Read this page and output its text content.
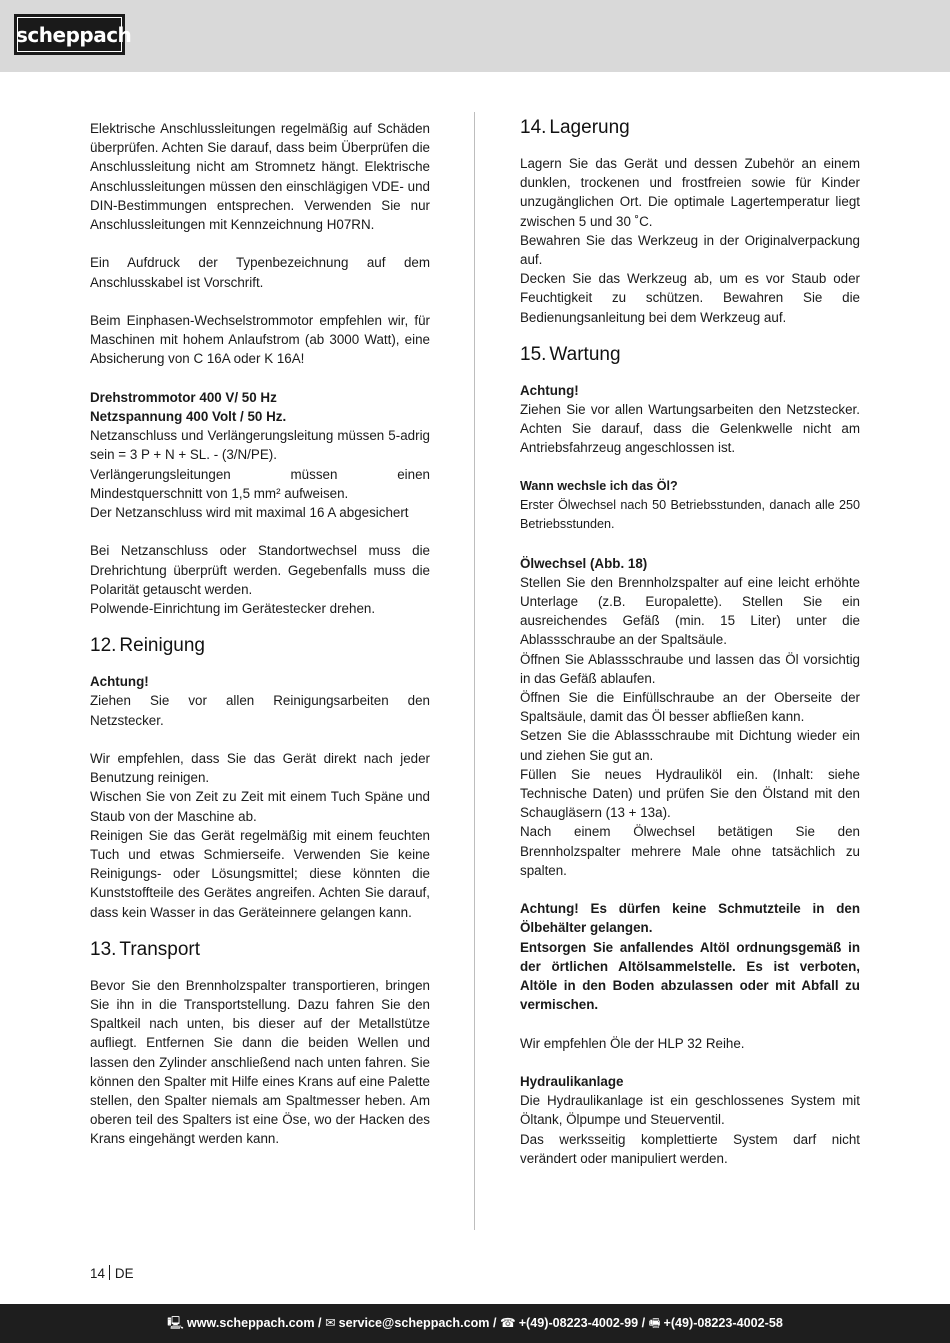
scheppach

Elektrische Anschlussleitungen regelmäßig auf Schäden überprüfen. Achten Sie darauf, dass beim Überprüfen die Anschlussleitung nicht am Stromnetz hängt. Elektrische Anschlussleitungen müssen den einschlägigen VDE- und DIN-Bestimmungen entsprechen. Verwenden Sie nur Anschlussleitungen mit Kennzeichnung H07RN.

Ein Aufdruck der Typenbezeichnung auf dem Anschlusskabel ist Vorschrift.

Beim Einphasen-Wechselstrommotor empfehlen wir, für Maschinen mit hohem Anlaufstrom (ab 3000 Watt), eine Absicherung von C 16A oder K 16A!

Drehstrommotor 400 V/ 50 Hz

Netzspannung 400 Volt / 50 Hz.

Netzanschluss und Verlängerungsleitung müssen 5-adrig sein = 3 P + N + SL. - (3/N/PE).

Verlängerungsleitungen müssen einen Mindestquerschnitt von 1,5 mm² aufweisen.

Der Netzanschluss wird mit maximal 16 A abgesichert

Bei Netzanschluss oder Standortwechsel muss die Drehrichtung überprüft werden. Gegebenfalls muss die Polarität getauscht werden.

Polwende-Einrichtung im Gerätestecker drehen.

12. Reinigung

Achtung!

Ziehen Sie vor allen Reinigungsarbeiten den Netzstecker.

Wir empfehlen, dass Sie das Gerät direkt nach jeder Benutzung reinigen.

Wischen Sie von Zeit zu Zeit mit einem Tuch Späne und Staub von der Maschine ab.

Reinigen Sie das Gerät regelmäßig mit einem feuchten Tuch und etwas Schmierseife. Verwenden Sie keine Reinigungs- oder Lösungsmittel; diese könnten die Kunststoffteile des Gerätes angreifen. Achten Sie darauf, dass kein Wasser in das Geräteinnere gelangen kann.

13. Transport

Bevor Sie den Brennholzspalter transportieren, bringen Sie ihn in die Transportstellung. Dazu fahren Sie den Spaltkeil nach unten, bis dieser auf der Metallstütze aufliegt. Entfernen Sie dann die beiden Wellen und lassen den Zylinder anschließend nach unten fahren. Sie können den Spalter mit Hilfe eines Krans auf eine Palette stellen, den Spalter niemals am Spaltmesser heben. Am oberen teil des Spalters ist eine Öse, wo der Hacken des Krans eingehängt werden kann.

14. Lagerung

Lagern Sie das Gerät und dessen Zubehör an einem dunklen, trockenen und frostfreien sowie für Kinder unzugänglichen Ort. Die optimale Lagertemperatur liegt zwischen 5 und 30 ˚C.

Bewahren Sie das Werkzeug in der Originalverpackung auf.

Decken Sie das Werkzeug ab, um es vor Staub oder Feuchtigkeit zu schützen. Bewahren Sie die Bedienungsanleitung bei dem Werkzeug auf.

15. Wartung

Achtung!

Ziehen Sie vor allen Wartungsarbeiten den Netzstecker. Achten Sie darauf, dass die Gelenkwelle nicht am Antriebsfahrzeug angeschlossen ist.

Wann wechsle ich das Öl?

Erster Ölwechsel nach 50 Betriebsstunden, danach alle 250 Betriebsstunden.

Ölwechsel (Abb. 18)

Stellen Sie den Brennholzspalter auf eine leicht erhöhte Unterlage (z.B. Europalette). Stellen Sie ein ausreichendes Gefäß (min. 15 Liter) unter die Ablassschraube an der Spaltsäule.

Öffnen Sie Ablassschraube und lassen das Öl vorsichtig in das Gefäß ablaufen.

Öffnen Sie die Einfüllschraube an der Oberseite der Spaltsäule, damit das Öl besser abfließen kann.

Setzen Sie die Ablassschraube mit Dichtung wieder ein und ziehen Sie gut an.

Füllen Sie neues Hydrauliköl ein. (Inhalt: siehe Technische Daten) und prüfen Sie den Ölstand mit den Schaugläsern (13 + 13a).

Nach einem Ölwechsel betätigen Sie den Brennholzspalter mehrere Male ohne tatsächlich zu spalten.

Achtung! Es dürfen keine Schmutzteile in den Ölbehälter gelangen.

Entsorgen Sie anfallendes Altöl ordnungsgemäß in der örtlichen Altölsammelstelle. Es ist verboten, Altöle in den Boden abzulassen oder mit Abfall zu vermischen.

Wir empfehlen Öle der HLP 32 Reihe.

Hydraulikanlage

Die Hydraulikanlage ist ein geschlossenes System mit Öltank, Ölpumpe und Steuerventil.

Das werksseitig komplettierte System darf nicht verändert oder manipuliert werden.

14 DE
🖳 www.scheppach.com / ✉ service@scheppach.com / ☎ +(49)-08223-4002-99 / 🖷 +(49)-08223-4002-58
